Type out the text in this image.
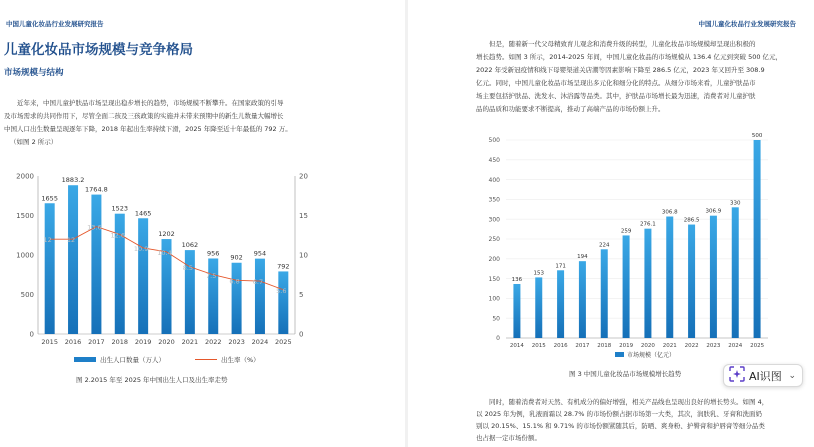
中国儿童化妆品行业发展研究报告
儿童化妆品市场规模与竞争格局
市场规模与结构

近年来，中国儿童护肤品市场呈现出稳步增长的趋势，市场规模不断攀升。在国家政策的引导
及市场需求的共同作用下，尽管全面二孩及三孩政策的实施并未带来预期中的新生儿数量大幅增长
中国人口出生数量呈现逐年下降，2018 年起出生率持续下滑，2025 年降至近十年最低的 792 万。
（如图 2 所示）

0
500
1000
1500
2000
0
5
10
15
20
1655
2015
1883.2
2016
1764.8
2017
1523
2018
1465
2019
1202
2020
1062
2021
956
2022
902
2023
954
2024
792
2025
12 12
13.6
12.6
10.9 10.4
8.5
7.5
6.8 6.7
5.6
出生人口数量（万人）	出生率（%）
图 2.2015 年至 2025 年中国出生人口及出生率走势
中国儿童化妆品行业发展研究报告

但是，随着新一代父母精致育儿观念和消费升级的转型，儿童化妆品市场规模却呈现出积极的
增长趋势。如图 3 所示，2014-2025 年间，中国儿童化妆品的市场规模从 136.4 亿元到突破 500 亿元，
2022 年受新冠疫情和线下母婴渠道关店潮等因素影响下降至 286.5 亿元，2023 年又回升至 308.9
亿元。同时，中国儿童化妆品市场呈现出多元化和细分化的特点。从细分市场来看，儿童护肤品市
场主要包括护肤品、洗发水、沐浴露等品类。其中，护肤品市场增长最为迅速，消费者对儿童护肤
品的品质和功能要求不断提高，推动了高端产品的市场份额上升。

0
50
100
150
200
250
300
350
400
450
500
136
2014
153
2015
171
2016
194
2017
224
2018
259
2019
276.1
2020
306.8
2021
286.5
2022
306.9
2023
330
2024
500
2025
市场规模（亿元）
图 3 中国儿童化妆品市场规模增长趋势

同时，随着消费者对天然、有机成分的偏好增强，相关产品线也呈现出良好的增长势头。如图 4，
以 2025 年为例，乳液面霜以 28.7% 的市场份额占据市场第一大类，其次，润肤乳、牙膏和洗面奶
别以 20.15%、15.1% 和 9.71% 的市场份额紧随其后，防晒、爽身粉、护臀膏和护唇膏等细分品类
也占据一定市场份额。

AI识图 ⌄
